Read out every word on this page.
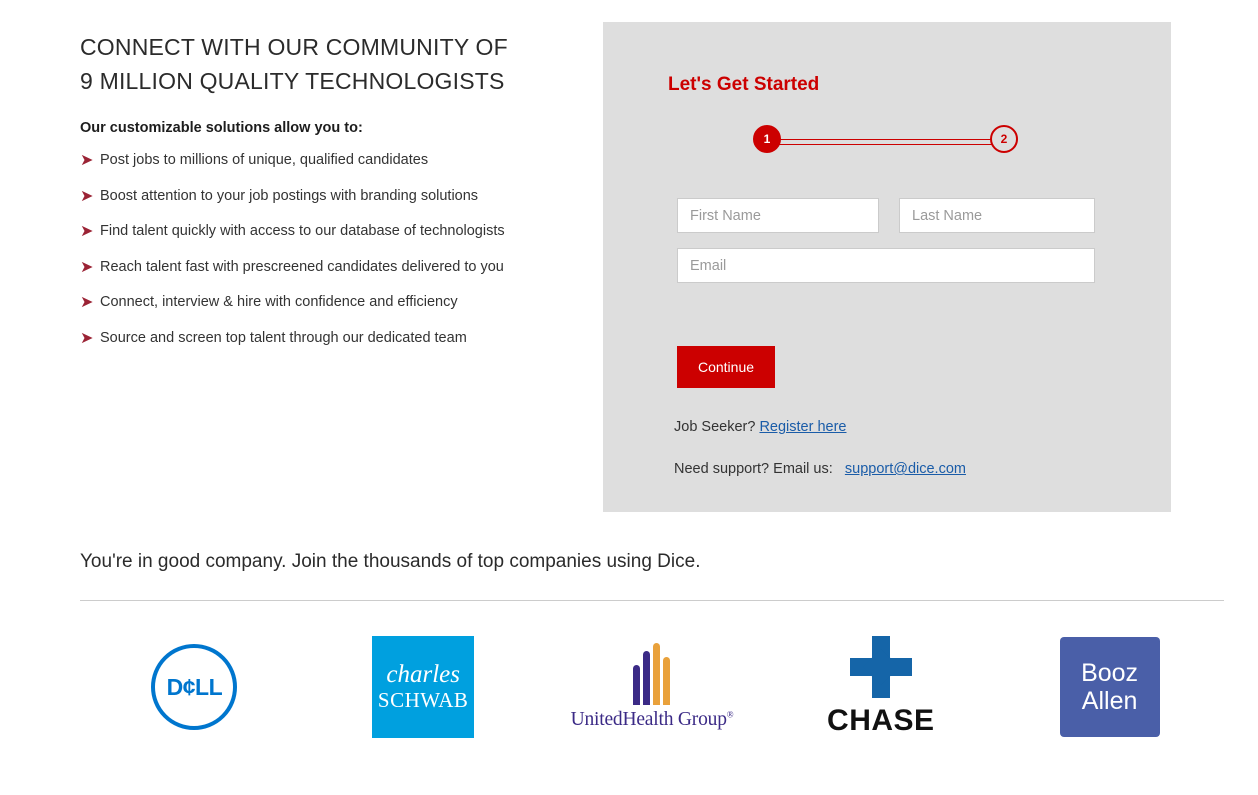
CONNECT WITH OUR COMMUNITY OF
9 MILLION QUALITY TECHNOLOGISTS
Our customizable solutions allow you to:
➤ Post jobs to millions of unique, qualified candidates
➤ Boost attention to your job postings with branding solutions
➤ Find talent quickly with access to our database of technologists
➤ Reach talent fast with prescreened candidates delivered to you
➤ Connect, interview & hire with confidence and efficiency
➤ Source and screen top talent through our dedicated team
Let's Get Started
1	2
First Name
Last Name
Email
Continue
Job Seeker? Register here
Need support? Email us: support@dice.com
You're in good company. Join the thousands of top companies using Dice.
D¢LL	charles
SCHWAB
UnitedHealth Group®	CHASE
Booz
Allen
